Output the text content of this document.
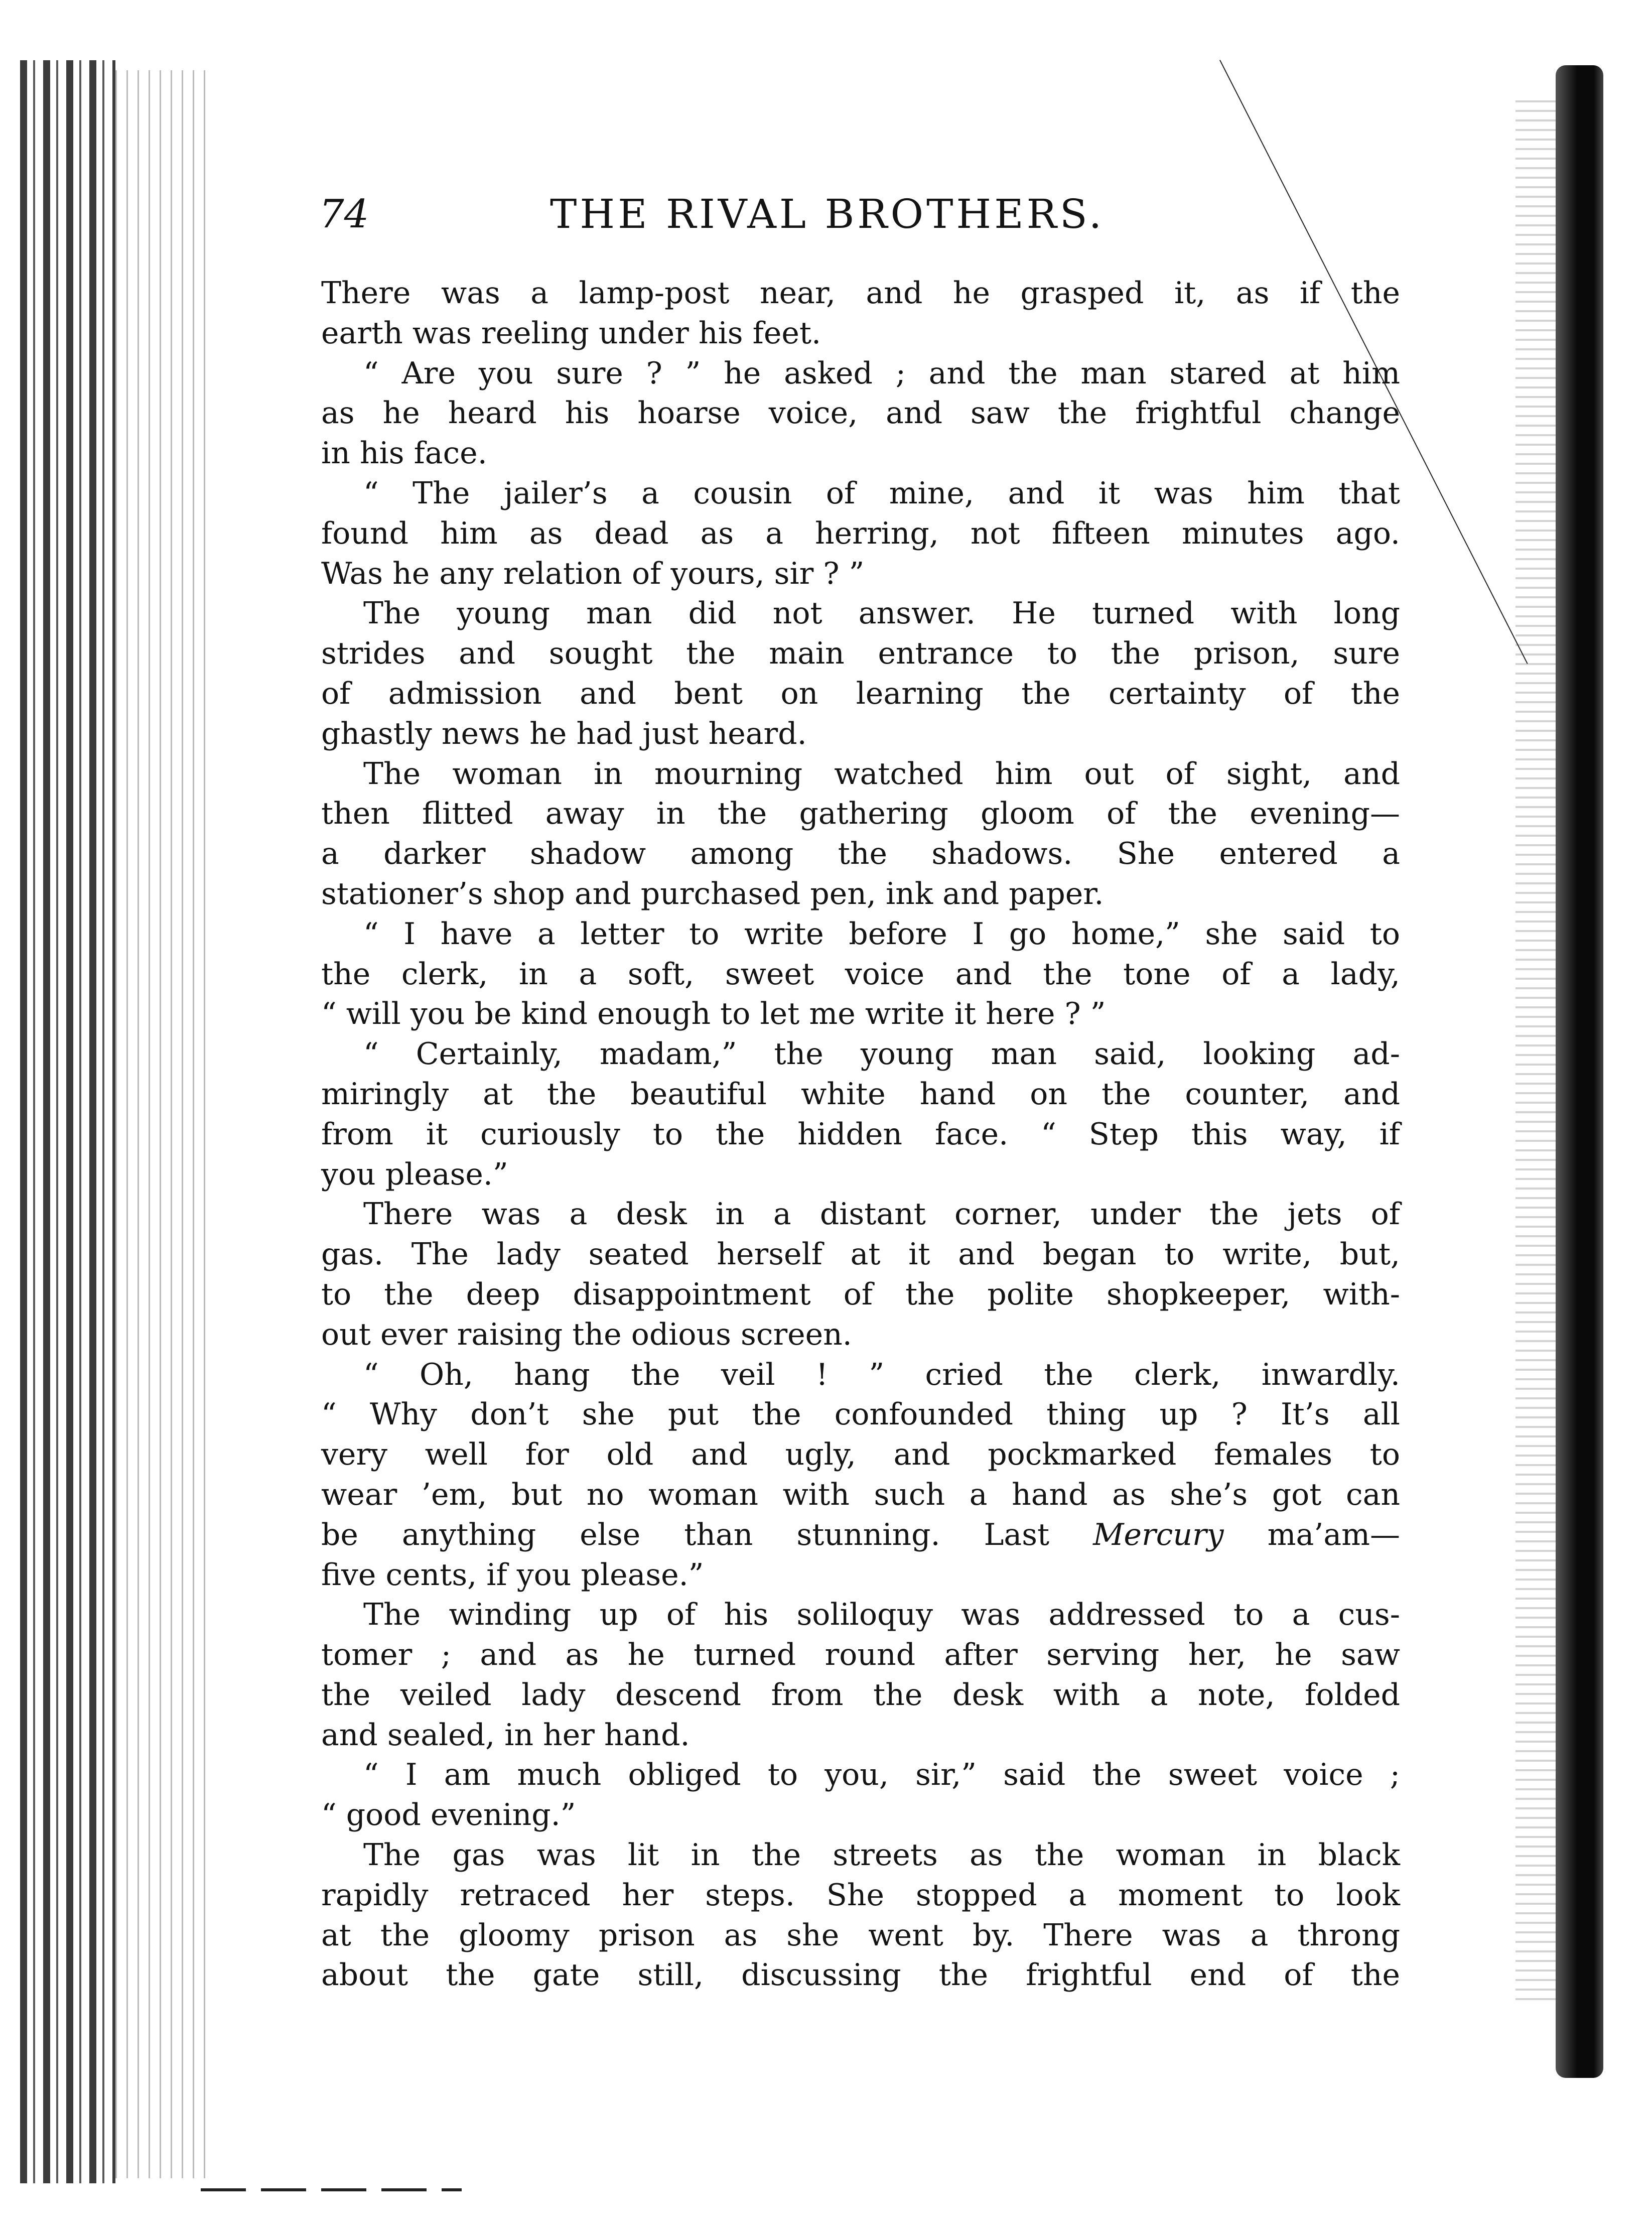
74	THE RIVAL BROTHERS.
There was a lamp-post near, and he grasped it, as if the
earth was reeling under his feet.
“ Are you sure ? ” he asked ; and the man stared at him
as he heard his hoarse voice, and saw the frightful change
in his face.
“ The jailer’s a cousin of mine, and it was him that
found him as dead as a herring, not fifteen minutes ago.
Was he any relation of yours, sir ? ”
The young man did not answer. He turned with long
strides and sought the main entrance to the prison, sure
of admission and bent on learning the certainty of the
ghastly news he had just heard.
The woman in mourning watched him out of sight, and
then flitted away in the gathering gloom of the evening—
a darker shadow among the shadows. She entered a
stationer’s shop and purchased pen, ink and paper.
“ I have a letter to write before I go home,” she said to
the clerk, in a soft, sweet voice and the tone of a lady,
“ will you be kind enough to let me write it here ? ”
“ Certainly, madam,” the young man said, looking ad-
miringly at the beautiful white hand on the counter, and
from it curiously to the hidden face. “ Step this way, if
you please.”
There was a desk in a distant corner, under the jets of
gas. The lady seated herself at it and began to write, but,
to the deep disappointment of the polite shopkeeper, with-
out ever raising the odious screen.
“ Oh, hang the veil ! ” cried the clerk, inwardly.
“ Why don’t she put the confounded thing up ? It’s all
very well for old and ugly, and pockmarked females to
wear ’em, but no woman with such a hand as she’s got can
be anything else than stunning. Last Mercury ma’am—
five cents, if you please.”
The winding up of his soliloquy was addressed to a cus-
tomer ; and as he turned round after serving her, he saw
the veiled lady descend from the desk with a note, folded
and sealed, in her hand.
“ I am much obliged to you, sir,” said the sweet voice ;
“ good evening.”
The gas was lit in the streets as the woman in black
rapidly retraced her steps. She stopped a moment to look
at the gloomy prison as she went by. There was a throng
about the gate still, discussing the frightful end of the
